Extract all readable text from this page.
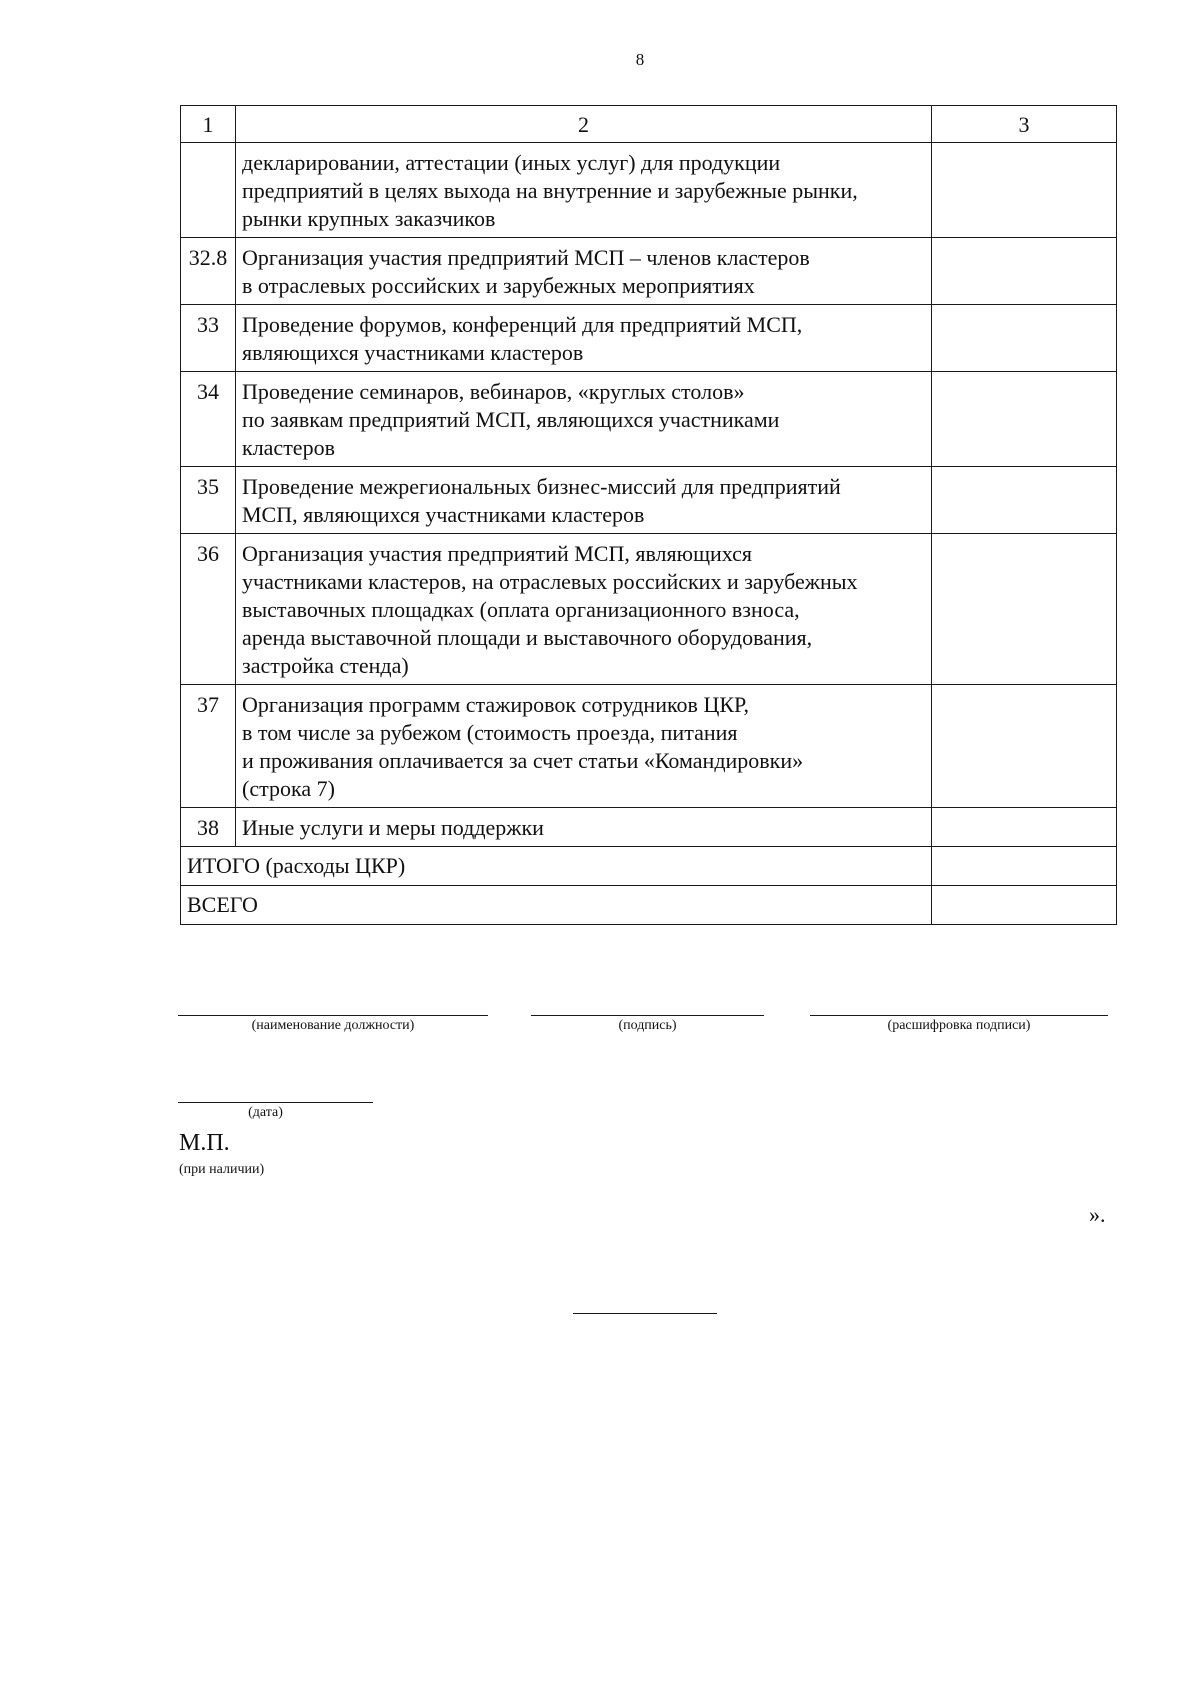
8
1	2	3
	декларировании, аттестации (иных услуг) для продукции
предприятий в целях выхода на внутренние и зарубежные рынки,
рынки крупных заказчиков	
32.8	Организация участия предприятий МСП – членов кластеров
в отраслевых российских и зарубежных мероприятиях	
33	Проведение форумов, конференций для предприятий МСП,
являющихся участниками кластеров	
34	Проведение семинаров, вебинаров, «круглых столов»
по заявкам предприятий МСП, являющихся участниками
кластеров	
35	Проведение межрегиональных бизнес-миссий для предприятий
МСП, являющихся участниками кластеров	
36	Организация участия предприятий МСП, являющихся
участниками кластеров, на отраслевых российских и зарубежных
выставочных площадках (оплата организационного взноса,
аренда выставочной площади и выставочного оборудования,
застройка стенда)	
37	Организация программ стажировок сотрудников ЦКР,
в том числе за рубежом (стоимость проезда, питания
и проживания оплачивается за счет статьи «Командировки»
(строка 7)	
38	Иные услуги и меры поддержки	
ИТОГО (расходы ЦКР)		
ВСЕГО		
(наименование должности)	(подпись)	(расшифровка подписи)
(дата)
М.П.
(при наличии)
».
